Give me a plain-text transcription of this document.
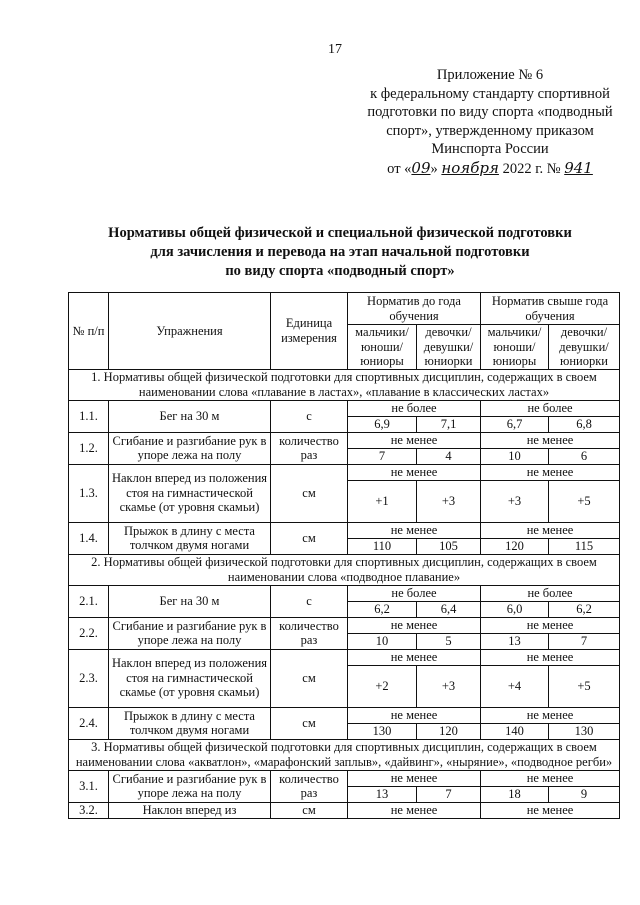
17
Приложение № 6
к федеральному стандарту спортивной
подготовки по виду спорта «подводный
спорт», утвержденному приказом
Минспорта России
от «09» ноября 2022 г. № 941
Нормативы общей физической и специальной физической подготовки
для зачисления и перевода на этап начальной подготовки
по виду спорта «подводный спорт»
№ п/п	Упражнения	Единица измерения	Норматив до года обучения		Норматив свыше года обучения	
			мальчики/ юноши/ юниоры	девочки/ девушки/ юниорки	мальчики/ юноши/ юниоры	девочки/ девушки/ юниорки
1. Нормативы общей физической подготовки для спортивных дисциплин, содержащих в своем наименовании слова «плавание в ластах», «плавание в классических ластах»						
1.1.	Бег на 30 м	с	не более		не более	
			6,9	7,1	6,7	6,8
1.2.	Сгибание и разгибание рук в упоре лежа на полу	количество раз	не менее		не менее	
			7	4	10	6
1.3.	Наклон вперед из положения стоя на гимнастической скамье (от уровня скамьи)	см	не менее		не менее	
			+1	+3	+3	+5
1.4.	Прыжок в длину с места толчком двумя ногами	см	не менее		не менее	
			110	105	120	115
2. Нормативы общей физической подготовки для спортивных дисциплин, содержащих в своем наименовании слова «подводное плавание»						
2.1.	Бег на 30 м	с	не более		не более	
			6,2	6,4	6,0	6,2
2.2.	Сгибание и разгибание рук в упоре лежа на полу	количество раз	не менее		не менее	
			10	5	13	7
2.3.	Наклон вперед из положения стоя на гимнастической скамье (от уровня скамьи)	см	не менее		не менее	
			+2	+3	+4	+5
2.4.	Прыжок в длину с места толчком двумя ногами	см	не менее		не менее	
			130	120	140	130
3. Нормативы общей физической подготовки для спортивных дисциплин, содержащих в своем наименовании слова «акватлон», «марафонский заплыв», «дайвинг», «ныряние», «подводное регби»						
3.1.	Сгибание и разгибание рук в упоре лежа на полу	количество раз	не менее		не менее	
			13	7	18	9
3.2.	Наклон вперед из	см	не менее		не менее	
